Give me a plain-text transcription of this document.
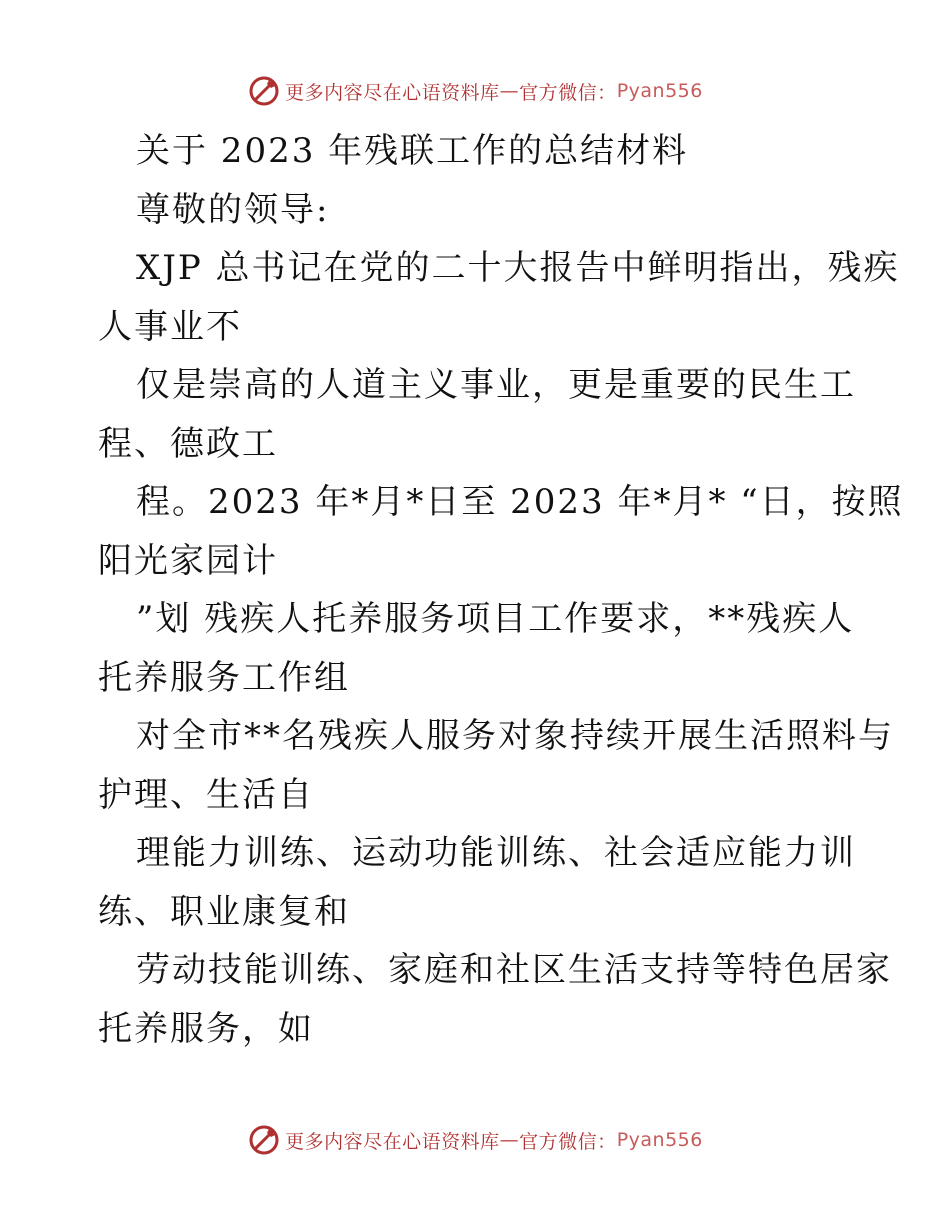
更多内容尽在心语资料库 — 官方微信： Pyan556
关于 2023 年残联工作的总结材料
尊敬的领导:
XJP 总书记在党的二十大报告中鲜明指出，残疾
人事业不
仅是崇高的人道主义事业，更是重要的民生工
程、德政工
程。2023 年*月*日至 2023 年*月* “日，按照
阳光家园计
”划 残疾人托养服务项目工作要求，**残疾人
托养服务工作组
对全市**名残疾人服务对象持续开展生活照料与
护理、生活自
理能力训练、运动功能训练、社会适应能力训
练、职业康复和
劳动技能训练、家庭和社区生活支持等特色居家
托养服务，如
更多内容尽在心语资料库 — 官方微信： Pyan556
